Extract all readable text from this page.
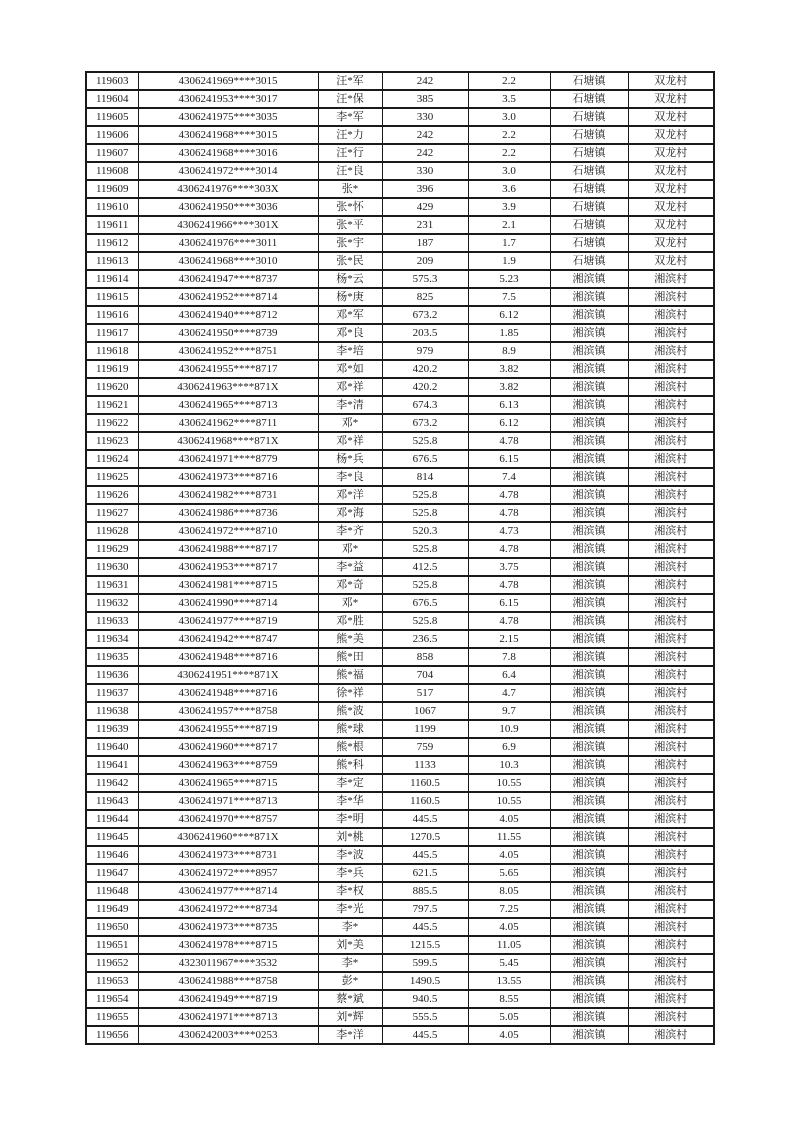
119603	4306241969****3015	汪*军	242	2.2	石塘镇	双龙村
119604	4306241953****3017	汪*保	385	3.5	石塘镇	双龙村
119605	4306241975****3035	李*军	330	3.0	石塘镇	双龙村
119606	4306241968****3015	汪*力	242	2.2	石塘镇	双龙村
119607	4306241968****3016	汪*行	242	2.2	石塘镇	双龙村
119608	4306241972****3014	汪*良	330	3.0	石塘镇	双龙村
119609	4306241976****303X	张*	396	3.6	石塘镇	双龙村
119610	4306241950****3036	张*怀	429	3.9	石塘镇	双龙村
119611	4306241966****301X	张*平	231	2.1	石塘镇	双龙村
119612	4306241976****3011	张*宇	187	1.7	石塘镇	双龙村
119613	4306241968****3010	张*民	209	1.9	石塘镇	双龙村
119614	4306241947****8737	杨*云	575.3	5.23	湘滨镇	湘滨村
119615	4306241952****8714	杨*庚	825	7.5	湘滨镇	湘滨村
119616	4306241940****8712	邓*军	673.2	6.12	湘滨镇	湘滨村
119617	4306241950****8739	邓*良	203.5	1.85	湘滨镇	湘滨村
119618	4306241952****8751	李*培	979	8.9	湘滨镇	湘滨村
119619	4306241955****8717	邓*如	420.2	3.82	湘滨镇	湘滨村
119620	4306241963****871X	邓*祥	420.2	3.82	湘滨镇	湘滨村
119621	4306241965****8713	李*清	674.3	6.13	湘滨镇	湘滨村
119622	4306241962****8711	邓*	673.2	6.12	湘滨镇	湘滨村
119623	4306241968****871X	邓*祥	525.8	4.78	湘滨镇	湘滨村
119624	4306241971****8779	杨*兵	676.5	6.15	湘滨镇	湘滨村
119625	4306241973****8716	李*良	814	7.4	湘滨镇	湘滨村
119626	4306241982****8731	邓*洋	525.8	4.78	湘滨镇	湘滨村
119627	4306241986****8736	邓*海	525.8	4.78	湘滨镇	湘滨村
119628	4306241972****8710	李*齐	520.3	4.73	湘滨镇	湘滨村
119629	4306241988****8717	邓*	525.8	4.78	湘滨镇	湘滨村
119630	4306241953****8717	李*益	412.5	3.75	湘滨镇	湘滨村
119631	4306241981****8715	邓*奇	525.8	4.78	湘滨镇	湘滨村
119632	4306241990****8714	邓*	676.5	6.15	湘滨镇	湘滨村
119633	4306241977****8719	邓*胜	525.8	4.78	湘滨镇	湘滨村
119634	4306241942****8747	熊*美	236.5	2.15	湘滨镇	湘滨村
119635	4306241948****8716	熊*田	858	7.8	湘滨镇	湘滨村
119636	4306241951****871X	熊*福	704	6.4	湘滨镇	湘滨村
119637	4306241948****8716	徐*祥	517	4.7	湘滨镇	湘滨村
119638	4306241957****8758	熊*波	1067	9.7	湘滨镇	湘滨村
119639	4306241955****8719	熊*球	1199	10.9	湘滨镇	湘滨村
119640	4306241960****8717	熊*根	759	6.9	湘滨镇	湘滨村
119641	4306241963****8759	熊*科	1133	10.3	湘滨镇	湘滨村
119642	4306241965****8715	李*定	1160.5	10.55	湘滨镇	湘滨村
119643	4306241971****8713	李*华	1160.5	10.55	湘滨镇	湘滨村
119644	4306241970****8757	李*明	445.5	4.05	湘滨镇	湘滨村
119645	4306241960****871X	刘*桃	1270.5	11.55	湘滨镇	湘滨村
119646	4306241973****8731	李*波	445.5	4.05	湘滨镇	湘滨村
119647	4306241972****8957	李*兵	621.5	5.65	湘滨镇	湘滨村
119648	4306241977****8714	李*权	885.5	8.05	湘滨镇	湘滨村
119649	4306241972****8734	李*光	797.5	7.25	湘滨镇	湘滨村
119650	4306241973****8735	李*	445.5	4.05	湘滨镇	湘滨村
119651	4306241978****8715	刘*美	1215.5	11.05	湘滨镇	湘滨村
119652	4323011967****3532	李*	599.5	5.45	湘滨镇	湘滨村
119653	4306241988****8758	彭*	1490.5	13.55	湘滨镇	湘滨村
119654	4306241949****8719	蔡*斌	940.5	8.55	湘滨镇	湘滨村
119655	4306241971****8713	刘*辉	555.5	5.05	湘滨镇	湘滨村
119656	4306242003****0253	李*洋	445.5	4.05	湘滨镇	湘滨村
